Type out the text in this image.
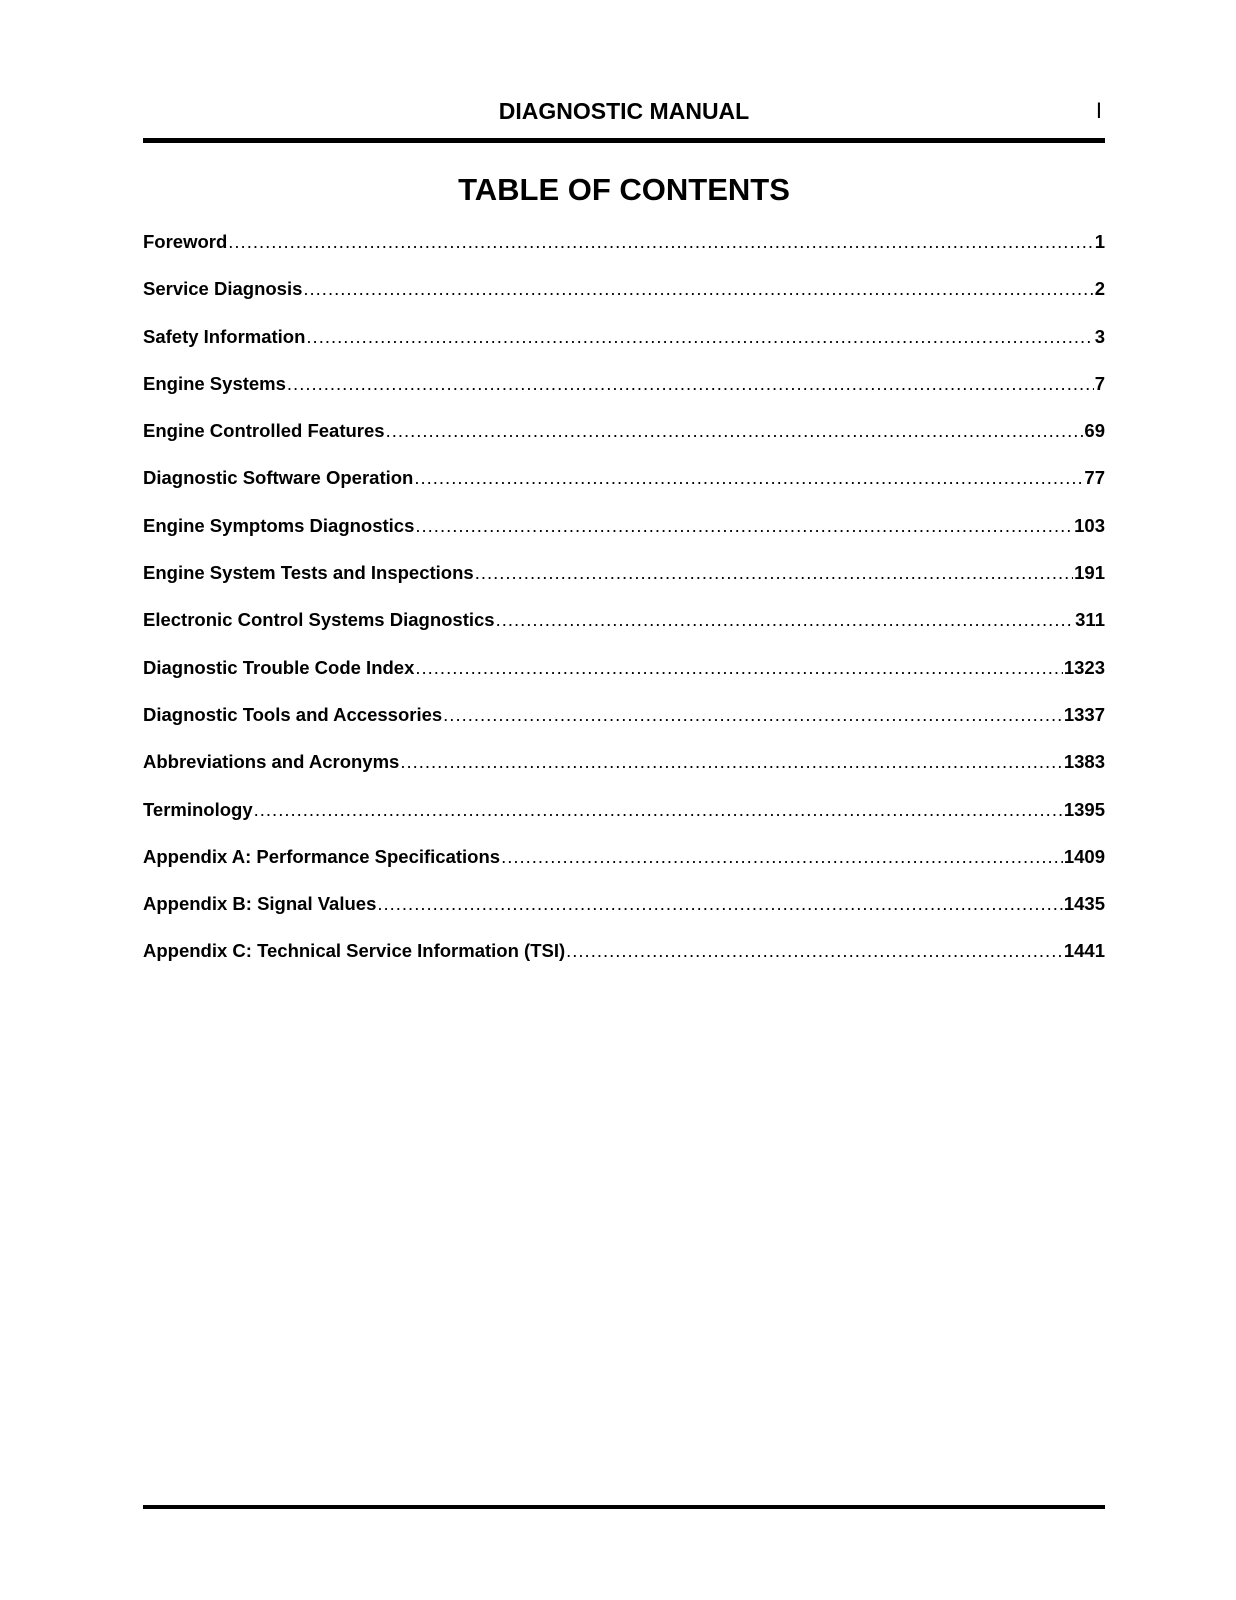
DIAGNOSTIC MANUAL	I
TABLE OF CONTENTS
Foreword .....	1
Service Diagnosis .....	2
Safety Information .....	3
Engine Systems .....	7
Engine Controlled Features .....	69
Diagnostic Software Operation .....	77
Engine Symptoms Diagnostics .....	103
Engine System Tests and Inspections .....	191
Electronic Control Systems Diagnostics .....	311
Diagnostic Trouble Code Index .....	1323
Diagnostic Tools and Accessories .....	1337
Abbreviations and Acronyms .....	1383
Terminology .....	1395
Appendix A: Performance Specifications .....	1409
Appendix B: Signal Values .....	1435
Appendix C: Technical Service Information (TSI) .....	1441
